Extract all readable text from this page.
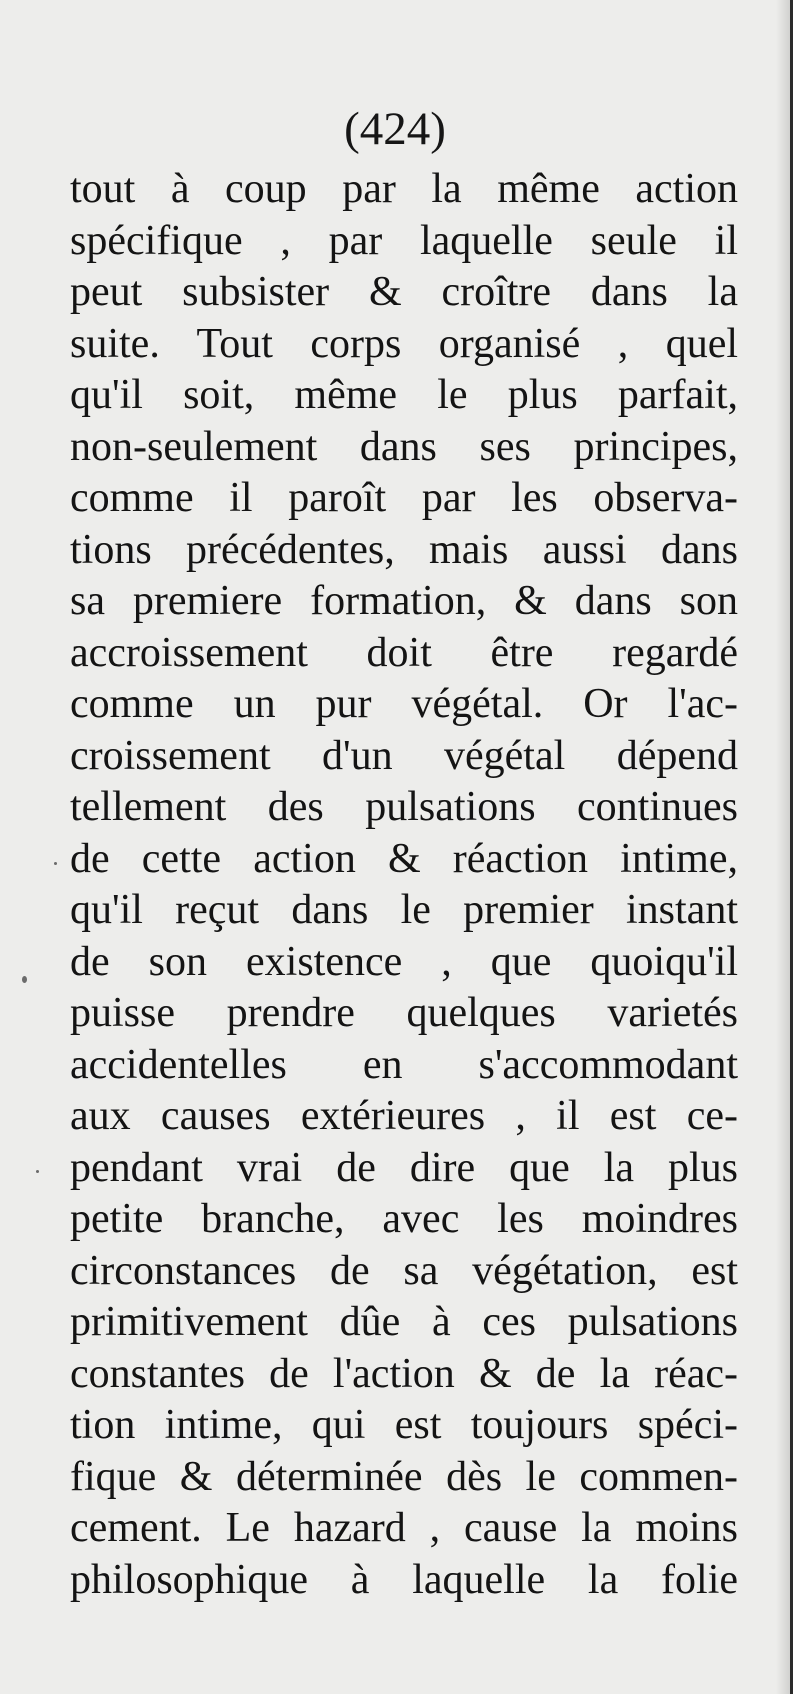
(424)
tout à coup par la même action
spécifique , par laquelle seule il
peut subsister & croître dans la
suite. Tout corps organisé , quel
qu'il soit, même le plus parfait,
non-seulement dans ses principes,
comme il paroît par les observa-
tions précédentes, mais aussi dans
sa premiere formation, & dans son
accroissement doit être regardé
comme un pur végétal. Or l'ac-
croissement d'un végétal dépend
tellement des pulsations continues
de cette action & réaction intime,
qu'il reçut dans le premier instant
de son existence , que quoiqu'il
puisse prendre quelques varietés
accidentelles en s'accommodant
aux causes extérieures , il est ce-
pendant vrai de dire que la plus
petite branche, avec les moindres
circonstances de sa végétation, est
primitivement dûe à ces pulsations
constantes de l'action & de la réac-
tion intime, qui est toujours spéci-
fique & déterminée dès le commen-
cement. Le hazard , cause la moins
philosophique à laquelle la folie
